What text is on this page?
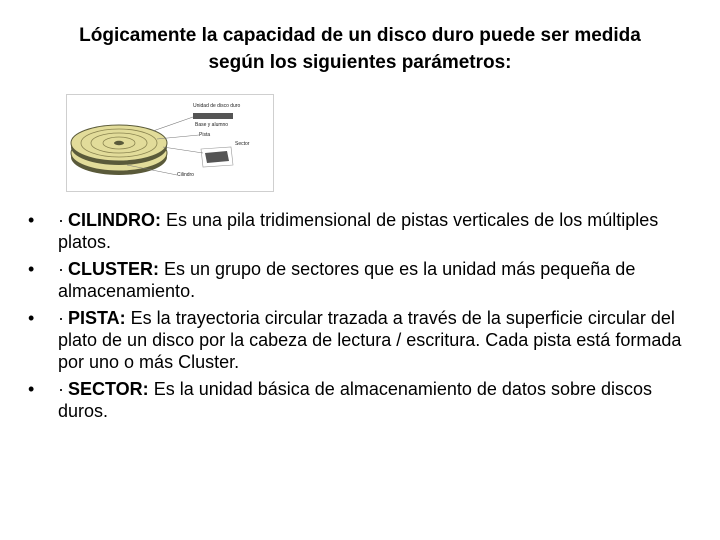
Lógicamente la capacidad de un disco duro puede ser medida
según los siguientes parámetros:
Unidad de disco duro
Base y alumno
Pista
Sector
Cilindro
•	· CILINDRO: Es una pila tridimensional de pistas verticales de los múltiples platos.
•	· CLUSTER: Es un grupo de sectores que es la unidad más pequeña de almacenamiento.
•	· PISTA: Es la trayectoria circular trazada a través de la superficie circular del plato de un disco por la cabeza de lectura / escritura. Cada pista está formada por uno o más Cluster.
•	· SECTOR: Es la unidad básica de almacenamiento de datos sobre discos duros.
